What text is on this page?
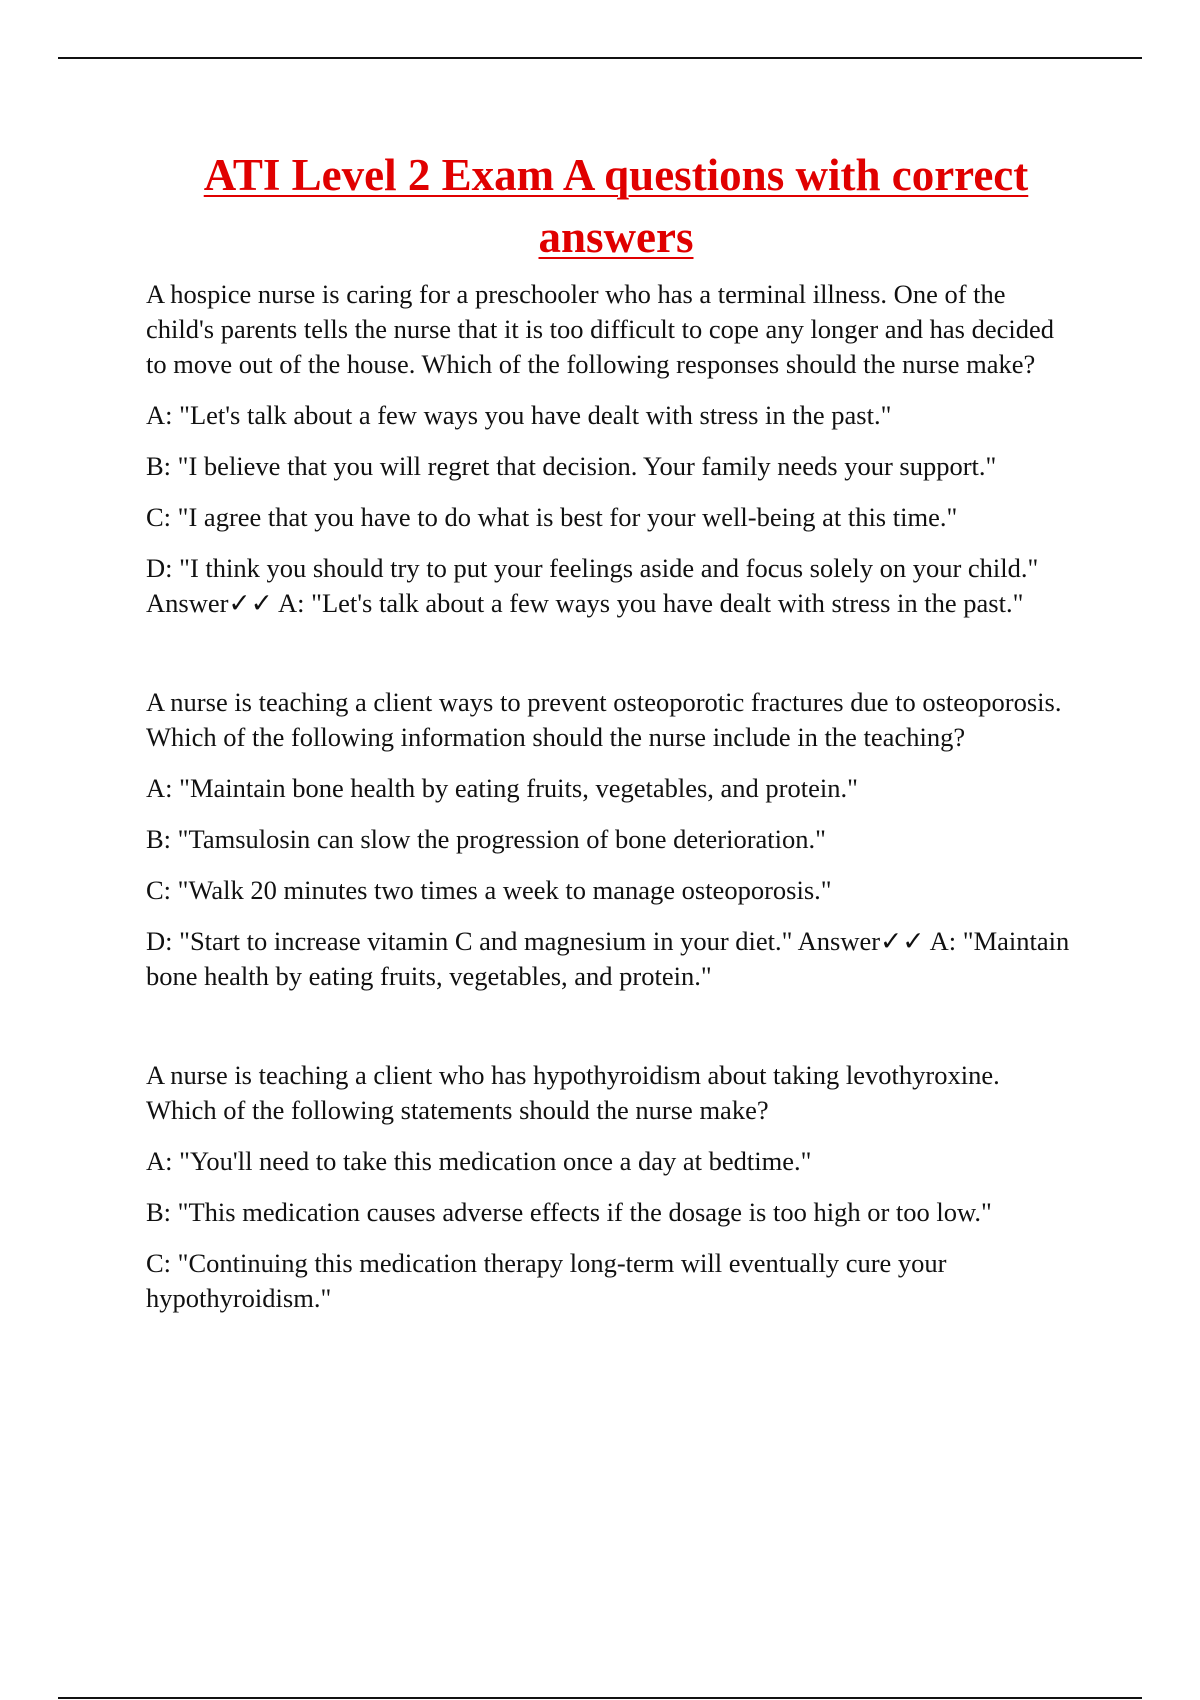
ATI Level 2 Exam A questions with correct answers

A hospice nurse is caring for a preschooler who has a terminal illness. One of the child's parents tells the nurse that it is too difficult to cope any longer and has decided to move out of the house. Which of the following responses should the nurse make?

A: "Let's talk about a few ways you have dealt with stress in the past."

B: "I believe that you will regret that decision. Your family needs your support."

C: "I agree that you have to do what is best for your well-being at this time."

D: "I think you should try to put your feelings aside and focus solely on your child." Answer✓✓ A: "Let's talk about a few ways you have dealt with stress in the past."

A nurse is teaching a client ways to prevent osteoporotic fractures due to osteoporosis. Which of the following information should the nurse include in the teaching?

A: "Maintain bone health by eating fruits, vegetables, and protein."

B: "Tamsulosin can slow the progression of bone deterioration."

C: "Walk 20 minutes two times a week to manage osteoporosis."

D: "Start to increase vitamin C and magnesium in your diet." Answer✓✓ A: "Maintain bone health by eating fruits, vegetables, and protein."

A nurse is teaching a client who has hypothyroidism about taking levothyroxine. Which of the following statements should the nurse make?

A: "You'll need to take this medication once a day at bedtime."

B: "This medication causes adverse effects if the dosage is too high or too low."

C: "Continuing this medication therapy long-term will eventually cure your hypothyroidism."
